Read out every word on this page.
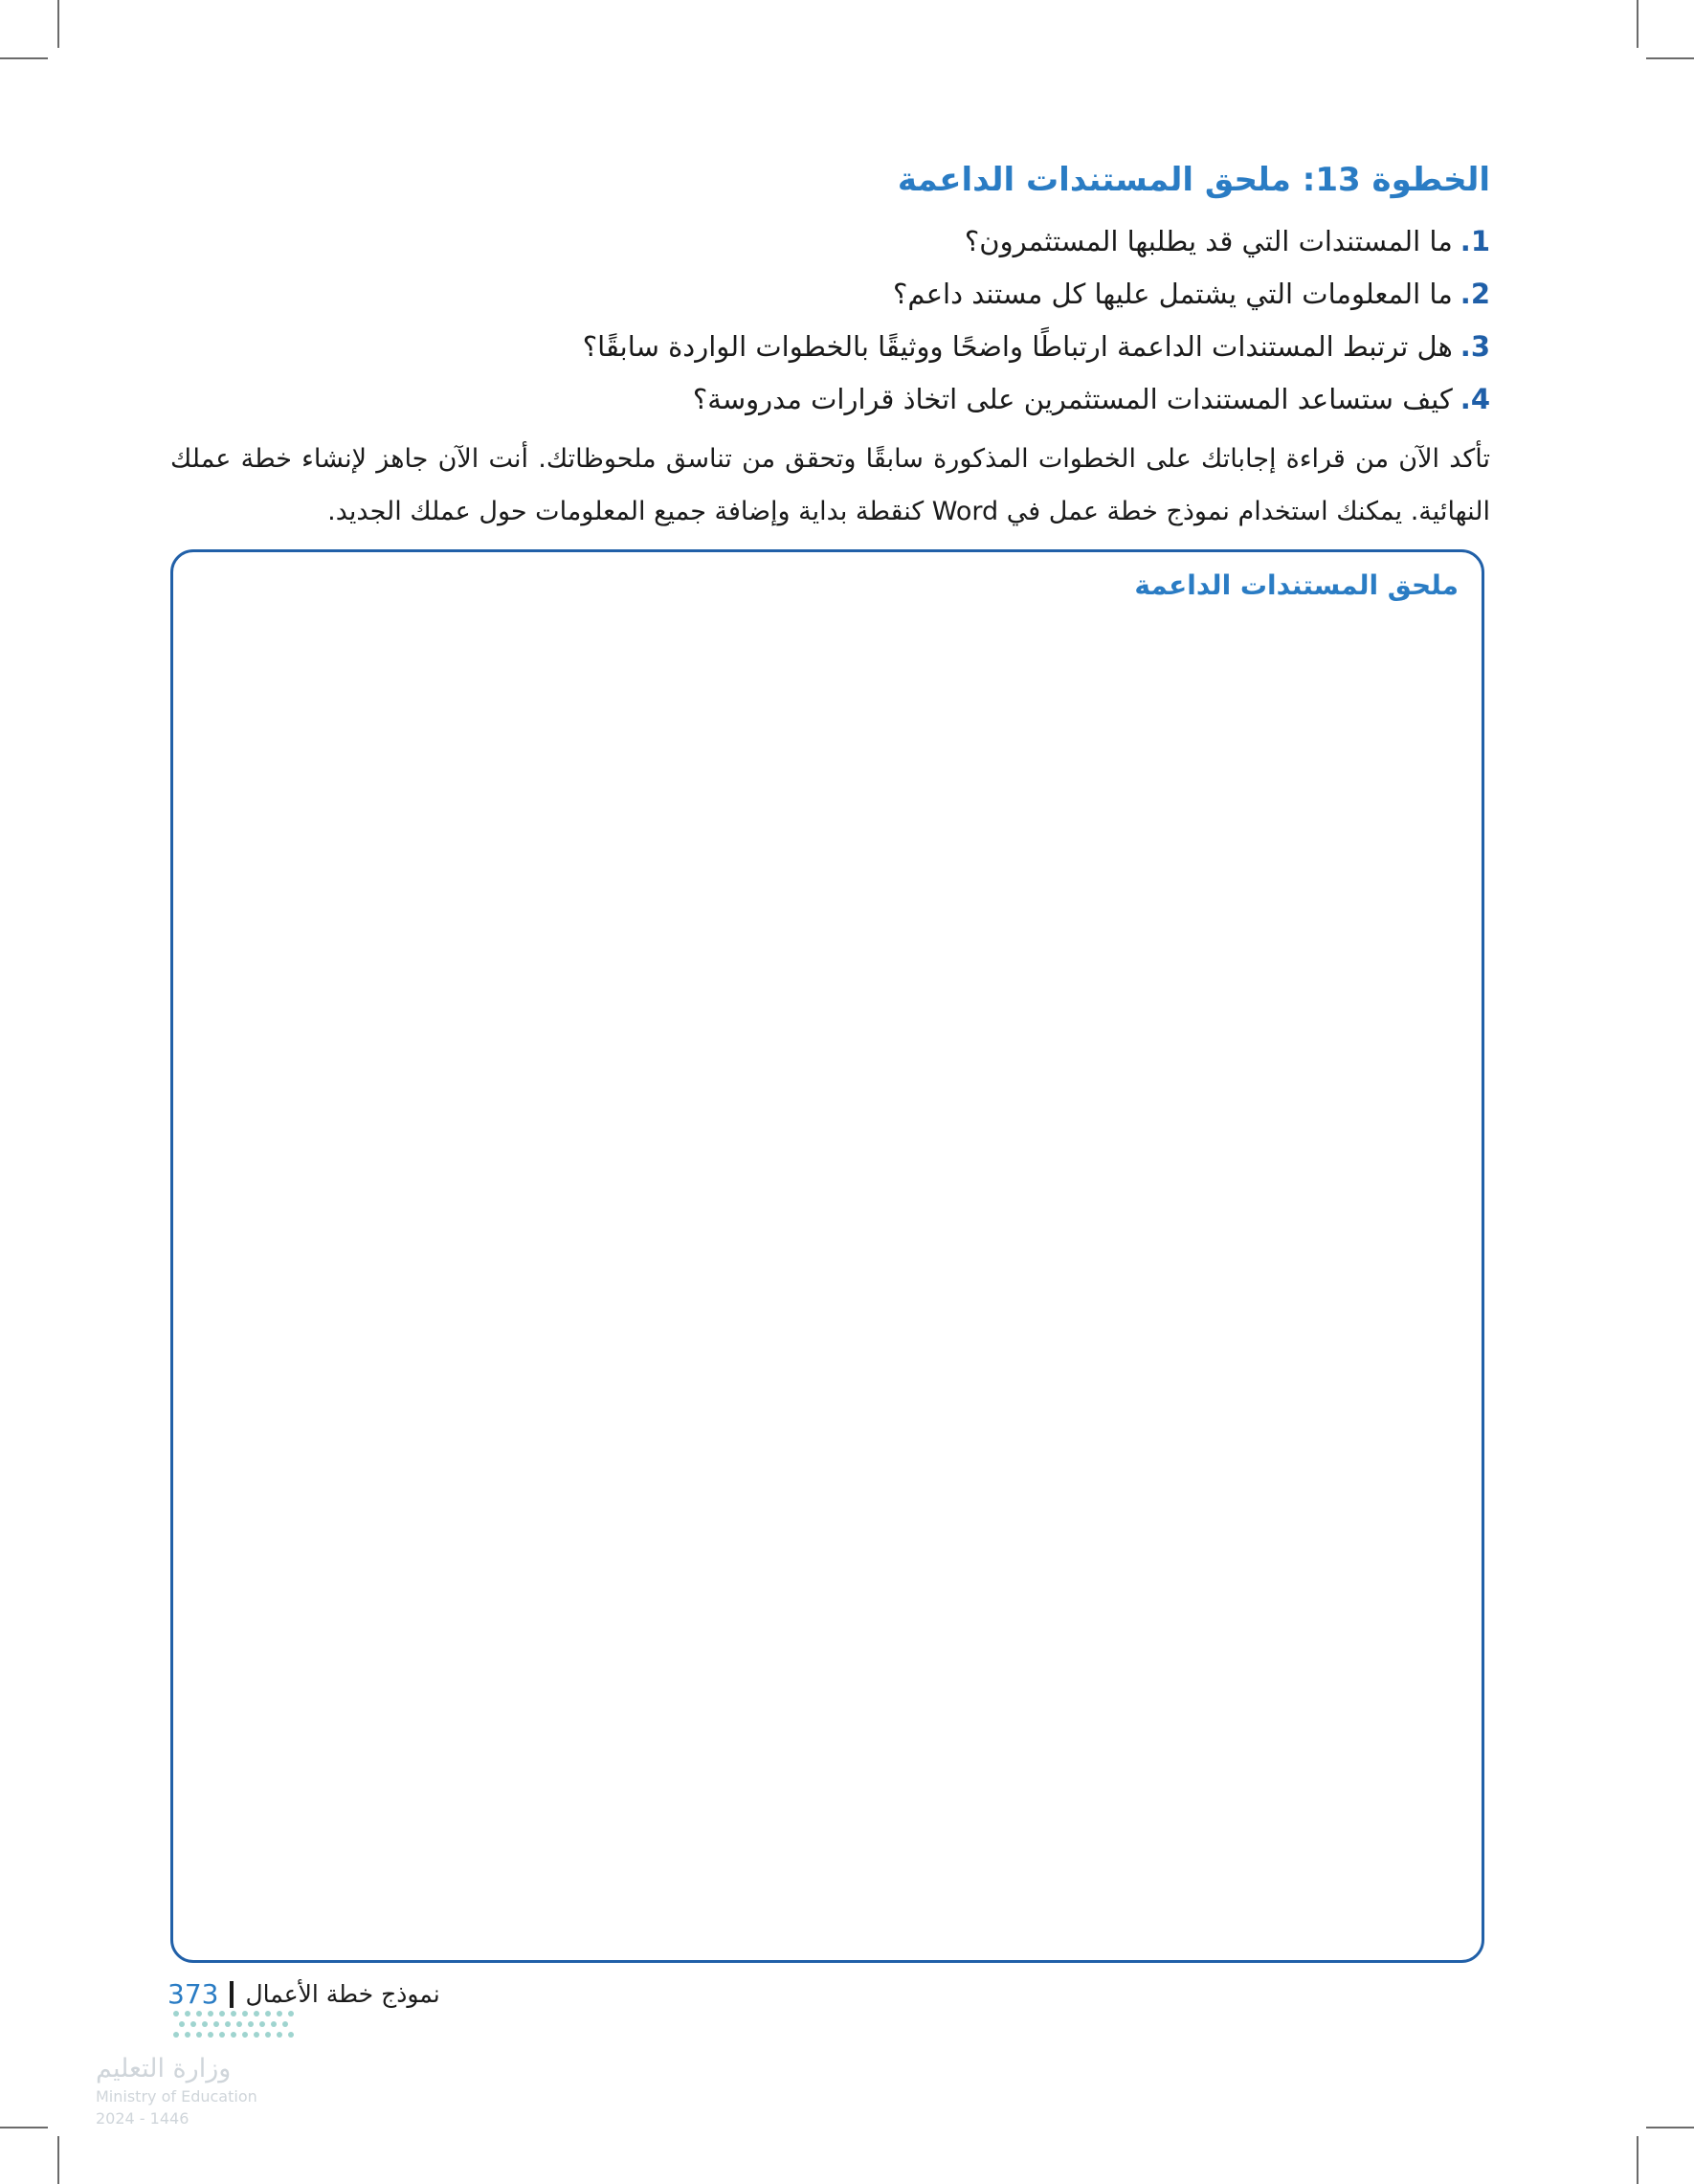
الخطوة 13: ملحق المستندات الداعمة

1.ما المستندات التي قد يطلبها المستثمرون؟

2.ما المعلومات التي يشتمل عليها كل مستند داعم؟

3.هل ترتبط المستندات الداعمة ارتباطًا واضحًا ووثيقًا بالخطوات الواردة سابقًا؟

4.كيف ستساعد المستندات المستثمرين على اتخاذ قرارات مدروسة؟

تأكد الآن من قراءة إجاباتك على الخطوات المذكورة سابقًا وتحقق من تناسق ملحوظاتك. أنت الآن جاهز لإنشاء خطة عملك النهائية. يمكنك استخدام نموذج خطة عمل في Word كنقطة بداية وإضافة جميع المعلومات حول عملك الجديد.

ملحق المستندات الداعمة
373 نموذج خطة الأعمال
وزارة التعليم
Ministry of Education
2024 - 1446
